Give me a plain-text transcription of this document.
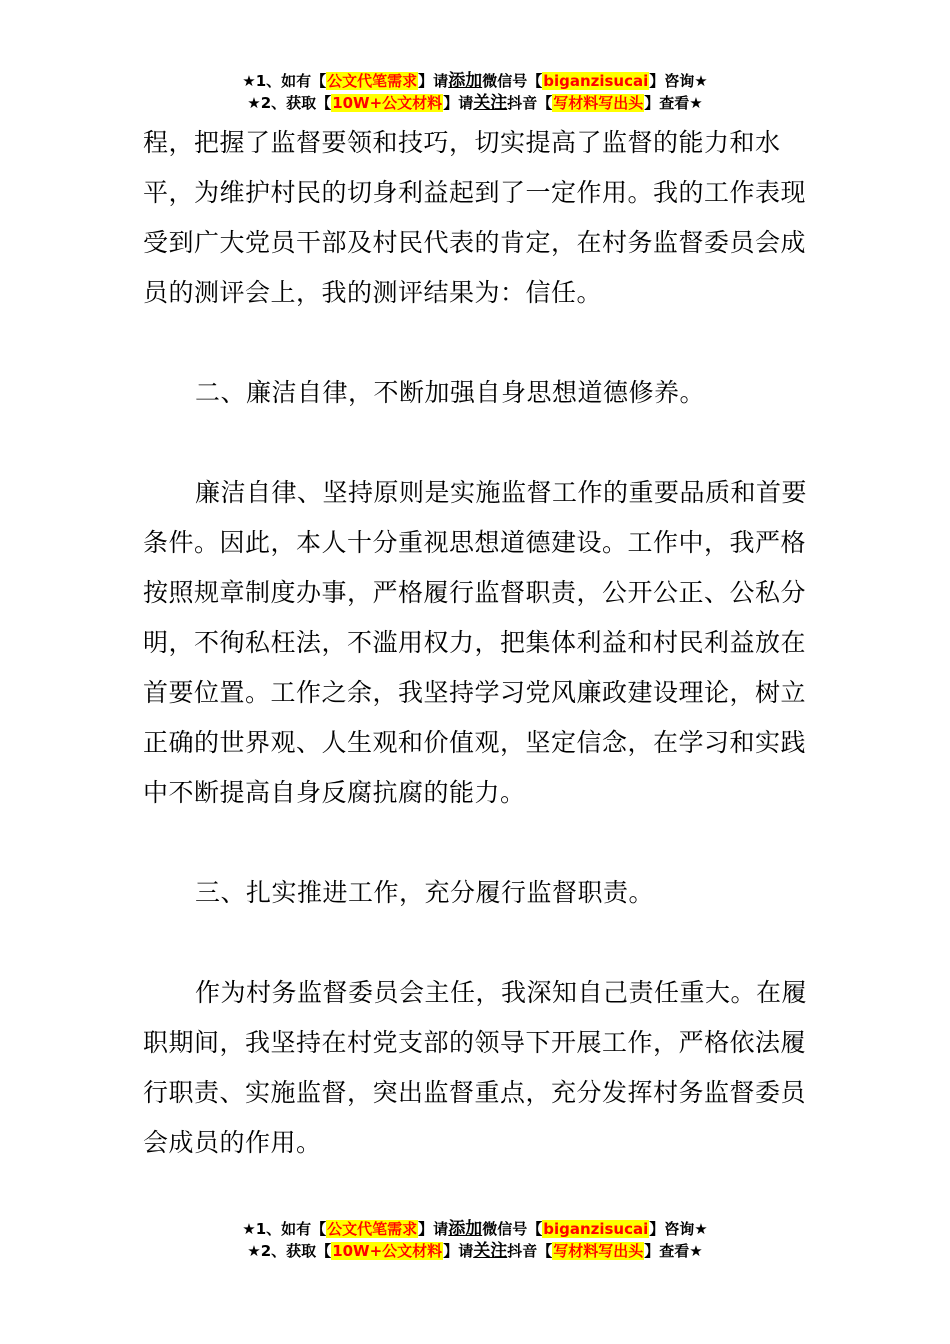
★1、如有【公文代笔需求】请添加微信号【biganzisucai】咨询★
★2、获取【10W+公文材料】请关注抖音【写材料写出头】查看★

程，把握了监督要领和技巧，切实提高了监督的能力和水平，为维护村民的切身利益起到了一定作用。我的工作表现受到广大党员干部及村民代表的肯定，在村务监督委员会成员的测评会上，我的测评结果为：信任。

二、廉洁自律，不断加强自身思想道德修养。

廉洁自律、坚持原则是实施监督工作的重要品质和首要条件。因此，本人十分重视思想道德建设。工作中，我严格按照规章制度办事，严格履行监督职责，公开公正、公私分明，不徇私枉法，不滥用权力，把集体利益和村民利益放在首要位置。工作之余，我坚持学习党风廉政建设理论，树立正确的世界观、人生观和价值观，坚定信念，在学习和实践中不断提高自身反腐抗腐的能力。

三、扎实推进工作，充分履行监督职责。

作为村务监督委员会主任，我深知自己责任重大。在履职期间，我坚持在村党支部的领导下开展工作，严格依法履行职责、实施监督，突出监督重点，充分发挥村务监督委员会成员的作用。

★1、如有【公文代笔需求】请添加微信号【biganzisucai】咨询★
★2、获取【10W+公文材料】请关注抖音【写材料写出头】查看★
